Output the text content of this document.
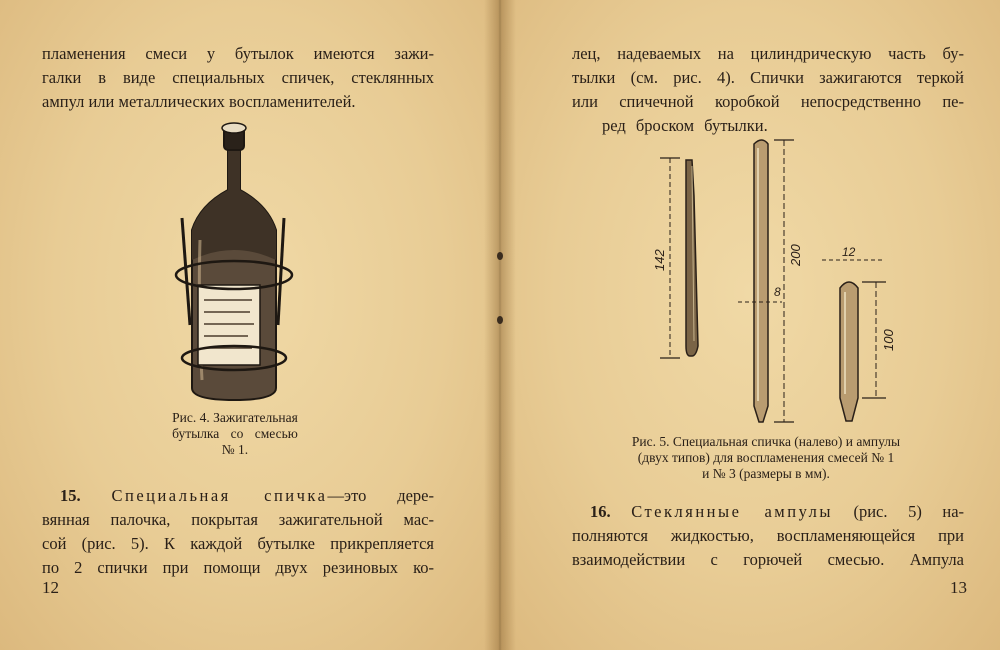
пламенения смеси у бутылок имеются зажи-
галки в виде специальных спичек, стеклянных
ампул или металлических воспламенителей.

Рис. 4. Зажигательная
бутылка со смесью
№ 1.

15. Специальная спичка—это дере-
вянная палочка, покрытая зажигательной мас-
сой (рис. 5). К каждой бутылке прикрепляется
по 2 спички при помощи двух резиновых ко-

12

лец, надеваемых на цилиндрическую часть бу-
тылки (см. рис. 4). Спички зажигаются теркой
или спичечной коробкой непосредственно пе-
ред броском бутылки.

142	200
8
12
100

Рис. 5. Специальная спичка (налево) и ампулы
(двух типов) для воспламенения смесей № 1
и № 3 (размеры в мм).

16. Стеклянные ампулы (рис. 5) на-
полняются жидкостью, воспламеняющейся при
взаимодействии с горючей смесью. Ампула

13
